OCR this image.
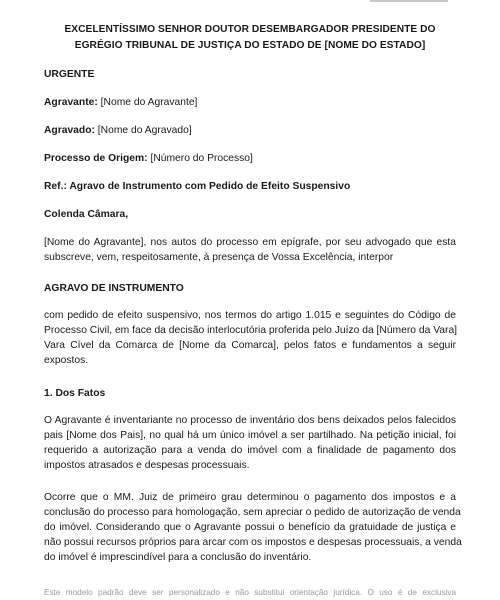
EXCELENTÍSSIMO SENHOR DOUTOR DESEMBARGADOR PRESIDENTE DO
EGRÉGIO TRIBUNAL DE JUSTIÇA DO ESTADO DE [NOME DO ESTADO]
URGENTE
Agravante: [Nome do Agravante]
Agravado: [Nome do Agravado]
Processo de Origem: [Número do Processo]
Ref.: Agravo de Instrumento com Pedido de Efeito Suspensivo
Colenda Câmara,
[Nome do Agravante], nos autos do processo em epígrafe, por seu advogado que esta
subscreve, vem, respeitosamente, à presença de Vossa Excelência, interpor
AGRAVO DE INSTRUMENTO
com pedido de efeito suspensivo, nos termos do artigo 1.015 e seguintes do Código de
Processo Civil, em face da decisão interlocutória proferida pelo Juízo da [Número da Vara]
Vara Cível da Comarca de [Nome da Comarca], pelos fatos e fundamentos a seguir
expostos.
1. Dos Fatos
O Agravante é inventariante no processo de inventário dos bens deixados pelos falecidos
pais [Nome dos Pais], no qual há um único imóvel a ser partilhado. Na petição inicial, foi
requerido a autorização para a venda do imóvel com a finalidade de pagamento dos
impostos atrasados e despesas processuais.
Ocorre que o MM. Juiz de primeiro grau determinou o pagamento dos impostos e a
conclusão do processo para homologação, sem apreciar o pedido de autorização de venda
do imóvel. Considerando que o Agravante possui o benefício da gratuidade de justiça e
não possui recursos próprios para arcar com os impostos e despesas processuais, a venda
do imóvel é imprescindível para a conclusão do inventário.
Este modelo padrão deve ser personalizado e não substitui orientação jurídica. O uso é de exclusiva
